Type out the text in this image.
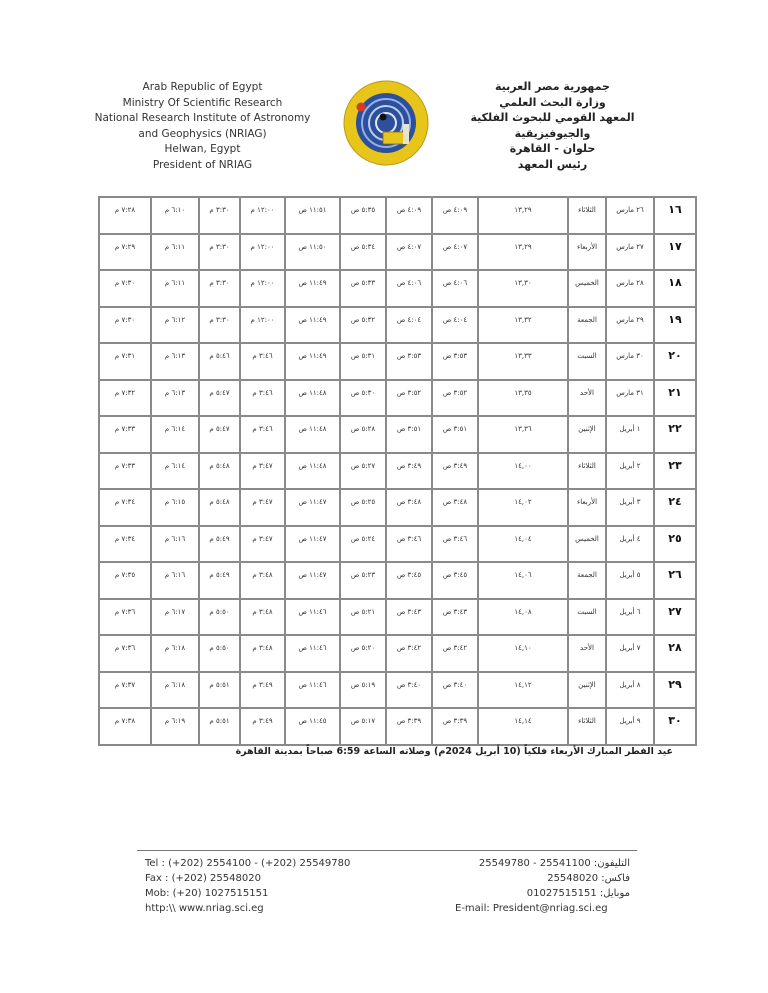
Arab Republic of Egypt
Ministry Of Scientific Research
National Research Institute of Astronomy
and Geophysics (NRIAG)
Helwan, Egypt
President of NRIAG
جمهورية مصر العربية
وزارة البحث العلمي
المعهد القومي للبحوث الفلكية والجيوفيزيقية
حلوان - القاهرة
رئيس المعهد
١٦	٢٦ مارس	الثلاثاء	١٣,٢٩	٤:٠٩ ص	٤:٠٩ ص	٥:٣٥ ص	١١:٥١ ص	١٢:٠٠ م	٣:٣٠ م	٦:١٠ م	٧:٢٨ م
١٧	٢٧ مارس	الأربعاء	١٣,٢٩	٤:٠٧ ص	٤:٠٧ ص	٥:٣٤ ص	١١:٥٠ ص	١٢:٠٠ م	٣:٣٠ م	٦:١١ م	٧:٢٩ م
١٨	٢٨ مارس	الخميس	١٣,٣٠	٤:٠٦ ص	٤:٠٦ ص	٥:٣٣ ص	١١:٤٩ ص	١٢:٠٠ م	٣:٣٠ م	٦:١١ م	٧:٣٠ م
١٩	٢٩ مارس	الجمعة	١٣,٣٢	٤:٠٤ ص	٤:٠٤ ص	٥:٣٢ ص	١١:٤٩ ص	١٢:٠٠ م	٣:٣٠ م	٦:١٢ م	٧:٣٠ م
٢٠	٣٠ مارس	السبت	١٣,٣٣	٣:٥٣ ص	٣:٥٣ ص	٥:٣١ ص	١١:٤٩ ص	٣:٤٦ م	٥:٤٦ م	٦:١٣ م	٧:٣١ م
٢١	٣١ مارس	الأحد	١٣,٣٥	٣:٥٢ ص	٣:٥٢ ص	٥:٣٠ ص	١١:٤٨ ص	٣:٤٦ م	٥:٤٧ م	٦:١٣ م	٧:٣٢ م
٢٢	١ أبريل	الإثنين	١٣,٣٦	٣:٥١ ص	٣:٥١ ص	٥:٢٨ ص	١١:٤٨ ص	٣:٤٦ م	٥:٤٧ م	٦:١٤ م	٧:٣٣ م
٢٣	٢ أبريل	الثلاثاء	١٤,٠٠	٣:٤٩ ص	٣:٤٩ ص	٥:٢٧ ص	١١:٤٨ ص	٣:٤٧ م	٥:٤٨ م	٦:١٤ م	٧:٣٣ م
٢٤	٣ أبريل	الأربعاء	١٤,٠٢	٣:٤٨ ص	٣:٤٨ ص	٥:٢٥ ص	١١:٤٧ ص	٣:٤٧ م	٥:٤٨ م	٦:١٥ م	٧:٣٤ م
٢٥	٤ أبريل	الخميس	١٤,٠٤	٣:٤٦ ص	٣:٤٦ ص	٥:٢٤ ص	١١:٤٧ ص	٣:٤٧ م	٥:٤٩ م	٦:١٦ م	٧:٣٤ م
٢٦	٥ أبريل	الجمعة	١٤,٠٦	٣:٤٥ ص	٣:٤٥ ص	٥:٢٣ ص	١١:٤٧ ص	٣:٤٨ م	٥:٤٩ م	٦:١٦ م	٧:٣٥ م
٢٧	٦ أبريل	السبت	١٤,٠٨	٣:٤٣ ص	٣:٤٣ ص	٥:٢١ ص	١١:٤٦ ص	٣:٤٨ م	٥:٥٠ م	٦:١٧ م	٧:٣٦ م
٢٨	٧ أبريل	الأحد	١٤,١٠	٣:٤٢ ص	٣:٤٢ ص	٥:٢٠ ص	١١:٤٦ ص	٣:٤٨ م	٥:٥٠ م	٦:١٨ م	٧:٣٦ م
٢٩	٨ أبريل	الإثنين	١٤,١٢	٣:٤٠ ص	٣:٤٠ ص	٥:١٩ ص	١١:٤٦ ص	٣:٤٩ م	٥:٥١ م	٦:١٨ م	٧:٣٧ م
٣٠	٩ أبريل	الثلاثاء	١٤,١٤	٣:٣٩ ص	٣:٣٩ ص	٥:١٧ ص	١١:٤٥ ص	٣:٤٩ م	٥:٥١ م	٦:١٩ م	٧:٣٨ م
عيد الفطر المبارك الأربعاء فلكياً (10 أبريل 2024م) وصلاته الساعة 6:59 صباحاً بمدينة القاهرة
Tel : (+202) 2554100 - (+202) 25549780
Fax : (+202) 25548020
Mob: (+20) 1027515151
http:\\ www.nriag.sci.eg
التليفون: 25541100 - 25549780
فاكس: 25548020
موبايل: 01027515151
E-mail: President@nriag.sci.eg
